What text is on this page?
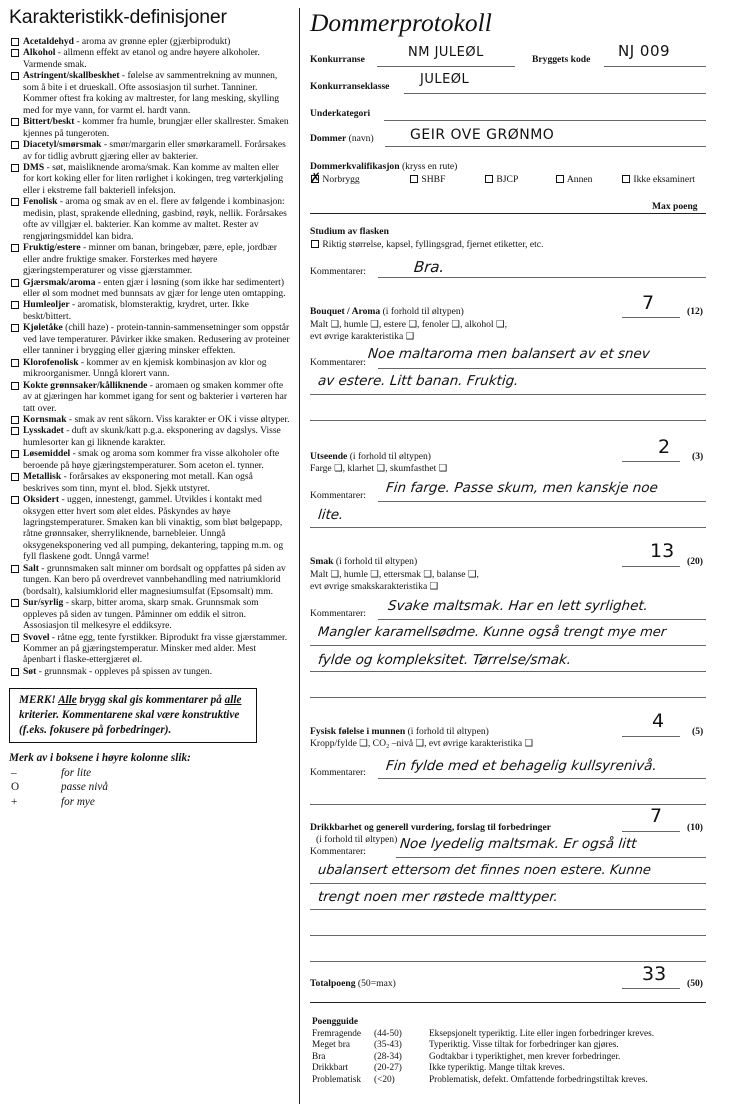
Karakteristikk-definisjoner

Acetaldehyd - aroma av grønne epler (gjærbiprodukt)

Alkohol - allmenn effekt av etanol og andre høyere alkoholer. Varmende smak.

Astringent/skallbeskhet - følelse av sammentrekning av munnen, som å bite i et drueskall. Ofte assosiasjon til surhet. Tanniner. Kommer oftest fra koking av maltrester, for lang mesking, skylling med for mye vann, for varmt el. hardt vann.

Bittert/beskt - kommer fra humle, brungjær eller skallrester. Smaken kjennes på tungeroten.

Diacetyl/smørsmak - smør/margarin eller smørkaramell. Forårsakes av for tidlig avbrutt gjæring eller av bakterier.

DMS - søt, maisliknende aroma/smak. Kan komme av malten eller for kort koking eller for liten rørlighet i kokingen, treg vørterkjøling eller i ekstreme fall bakteriell infeksjon.

Fenolisk - aroma og smak av en el. flere av følgende i kombinasjon: medisin, plast, sprakende elledning, gasbind, røyk, nellik. Forårsakes ofte av villgjær el. bakterier. Kan komme av maltet. Rester av rengjøringsmiddel kan bidra.

Fruktig/estere - minner om banan, bringebær, pære, eple, jordbær eller andre fruktige smaker. Forsterkes med høyere gjæringstemperaturer og visse gjærstammer.

Gjærsmak/aroma - enten gjær i løsning (som ikke har sedimentert) eller øl som modnet med bunnsats av gjær for lenge uten omtapping.

Humleoljer - aromatisk, blomsteraktig, krydret, urter. Ikke beskt/bittert.

Kjøletåke (chill haze) - protein-tannin-sammensetninger som oppstår ved lave temperaturer. Påvirker ikke smaken. Redusering av proteiner eller tanniner i brygging eller gjæring minsker effekten.

Klorofenolisk - kommer av en kjemisk kombinasjon av klor og mikroorganismer. Unngå klorert vann.

Kokte grønnsaker/kålliknende - aromaen og smaken kommer ofte av at gjæringen har kommet igang for sent og bakterier i vørteren har tatt over.

Kornsmak - smak av rent såkorn. Viss karakter er OK i visse øltyper.

Lysskadet - duft av skunk/katt p.g.a. eksponering av dagslys. Visse humlesorter kan gi liknende karakter.

Løsemiddel - smak og aroma som kommer fra visse alkoholer ofte beroende på høye gjæringstemperaturer. Som aceton el. tynner.

Metallisk - forårsakes av eksponering mot metall. Kan også beskrives som tinn, mynt el. blod. Sjekk utstyret.

Oksidert - uggen, innestengt, gammel. Utvikles i kontakt med oksygen etter hvert som ølet eldes. Påskyndes av høye lagringstemperaturer. Smaken kan bli vinaktig, som bløt bølgepapp, råtne grønnsaker, sherryliknende, barnebleier. Unngå oksygeneksponering ved all pumping, dekantering, tapping m.m. og fyll flaskene godt. Unngå varme!

Salt - grunnsmaken salt minner om bordsalt og oppfattes på siden av tungen. Kan bero på overdrevet vannbehandling med natriumklorid (bordsalt), kalsiumklorid eller magnesiumsulfat (Epsomsalt) mm.

Sur/syrlig - skarp, bitter aroma, skarp smak. Grunnsmak som oppleves på siden av tungen. Påminner om eddik el sitron. Assosiasjon til melkesyre el eddiksyre.

Svovel - råtne egg, tente fyrstikker. Biprodukt fra visse gjærstammer. Kommer an på gjæringstemperatur. Minsker med alder. Mest åpenbart i flaske-ettergjæret øl.

Søt - grunnsmak - oppleves på spissen av tungen.

MERK! Alle brygg skal gis kommentarer på alle kriterier. Kommentarene skal være konstruktive (f.eks. fokusere på forbedringer).
Merk av i boksene i høyre kolonne slik:
–	for lite
O	passe nivå
+	for mye
Dommerprotokoll
Konkurranse	NM JULEØL	Bryggets kode NJ 009
Konkurranseklasse JULEØL
Underkategori
Dommer (navn)	GEIR OVE GRØNMO
Dommerkvalifikasjon (kryss en rute)
✗ Norbrygg	SHBF	BJCP	Annen	Ikke eksaminert
Max poeng
Studium av flasken
Riktig størrelse, kapsel, fyllingsgrad, fjernet etiketter, etc.
Kommentarer:	Bra.
Bouquet / Aroma (i forhold til øltypen)
Malt ❑, humle ❑, estere ❑, fenoler ❑, alkohol ❑,
evt øvrige karakteristika ❑
7	(12)
Kommentarer:
Noe maltaroma men balansert av et snev
av estere. Litt banan. Fruktig.
Utseende (i forhold til øltypen)
Farge ❑, klarhet ❑, skumfasthet ❑
2 (3)
Kommentarer: Fin farge. Passe skum, men kanskje noe
lite.
Smak (i forhold til øltypen)
Malt ❑, humle ❑, ettersmak ❑, balanse ❑,
evt øvrige smakskarakteristika ❑
13 (20)
Kommentarer: Svake maltsmak. Har en lett syrlighet.
Mangler karamellsødme. Kunne også trengt mye mer
fylde og kompleksitet. Tørrelse/smak.
Fysisk følelse i munnen (i forhold til øltypen)
Kropp/fylde ❑, CO₂ –nivå ❑, evt øvrige karakteristika ❑
4	(5)
Kommentarer: Fin fylde med et behagelig kullsyrenivå.
Drikkbarhet og generell vurdering, forslag til forbedringer
(i forhold til øltypen)
Kommentarer:
7
(10)
Noe lyedelig maltsmak. Er også litt
ubalansert ettersom det finnes noen estere. Kunne
trengt noen mer røstede malttyper.
Totalpoeng (50=max)	33 (50)
Poengguide
Fremragende	(44-50)	Eksepsjonelt typeriktig. Lite eller ingen forbedringer kreves.
Meget bra	(35-43)	Typeriktig. Visse tiltak for forbedringer kan gjøres.
Bra	(28-34)	Godtakbar i typeriktighet, men krever forbedringer.
Drikkbart	(20-27)	Ikke typeriktig. Mange tiltak kreves.
Problematisk	(<20)	Problematisk, defekt. Omfattende forbedringstiltak kreves.
